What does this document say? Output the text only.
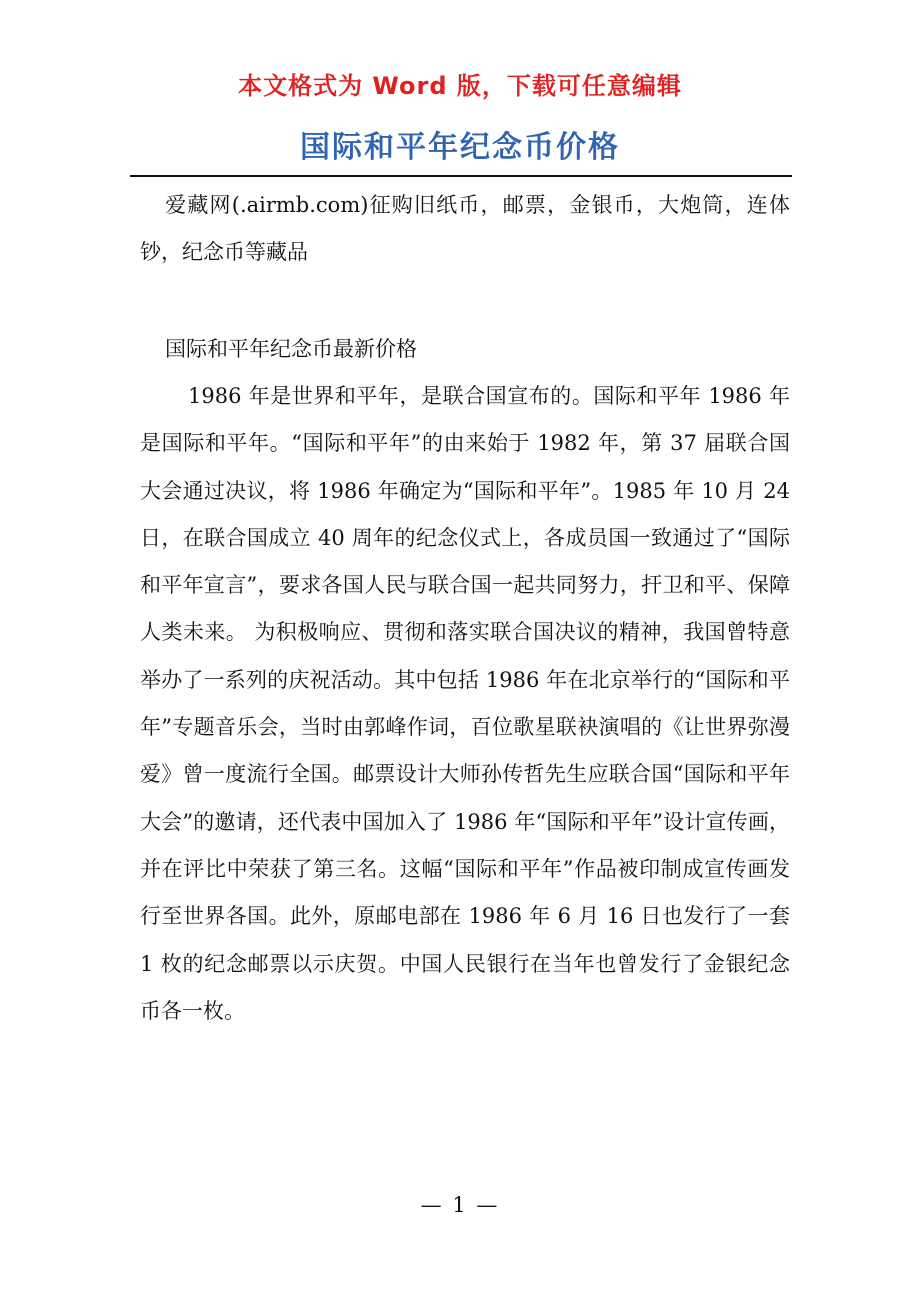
本文格式为 Word 版，下载可任意编辑
国际和平年纪念币价格
爱藏网(.airmb.com)征购旧纸币，邮票，金银币，大炮筒，连体钞，纪念币等藏品
国际和平年纪念币最新价格
1986 年是世界和平年，是联合国宣布的。国际和平年 1986 年是国际和平年。“国际和平年”的由来始于 1982 年，第 37 届联合国大会通过决议，将 1986 年确定为“国际和平年”。1985 年 10 月 24 日，在联合国成立 40 周年的纪念仪式上，各成员国一致通过了“国际和平年宣言”，要求各国人民与联合国一起共同努力，扞卫和平、保障人类未来。 为积极响应、贯彻和落实联合国决议的精神，我国曾特意举办了一系列的庆祝活动。其中包括 1986 年在北京举行的“国际和平年”专题音乐会，当时由郭峰作词，百位歌星联袂演唱的《让世界弥漫爱》曾一度流行全国。邮票设计大师孙传哲先生应联合国“国际和平年大会”的邀请，还代表中国加入了 1986 年“国际和平年”设计宣传画，并在评比中荣获了第三名。这幅“国际和平年”作品被印制成宣传画发行至世界各国。此外，原邮电部在 1986 年 6 月 16 日也发行了一套 1 枚的纪念邮票以示庆贺。中国人民银行在当年也曾发行了金银纪念币各一枚。
— 1 —
